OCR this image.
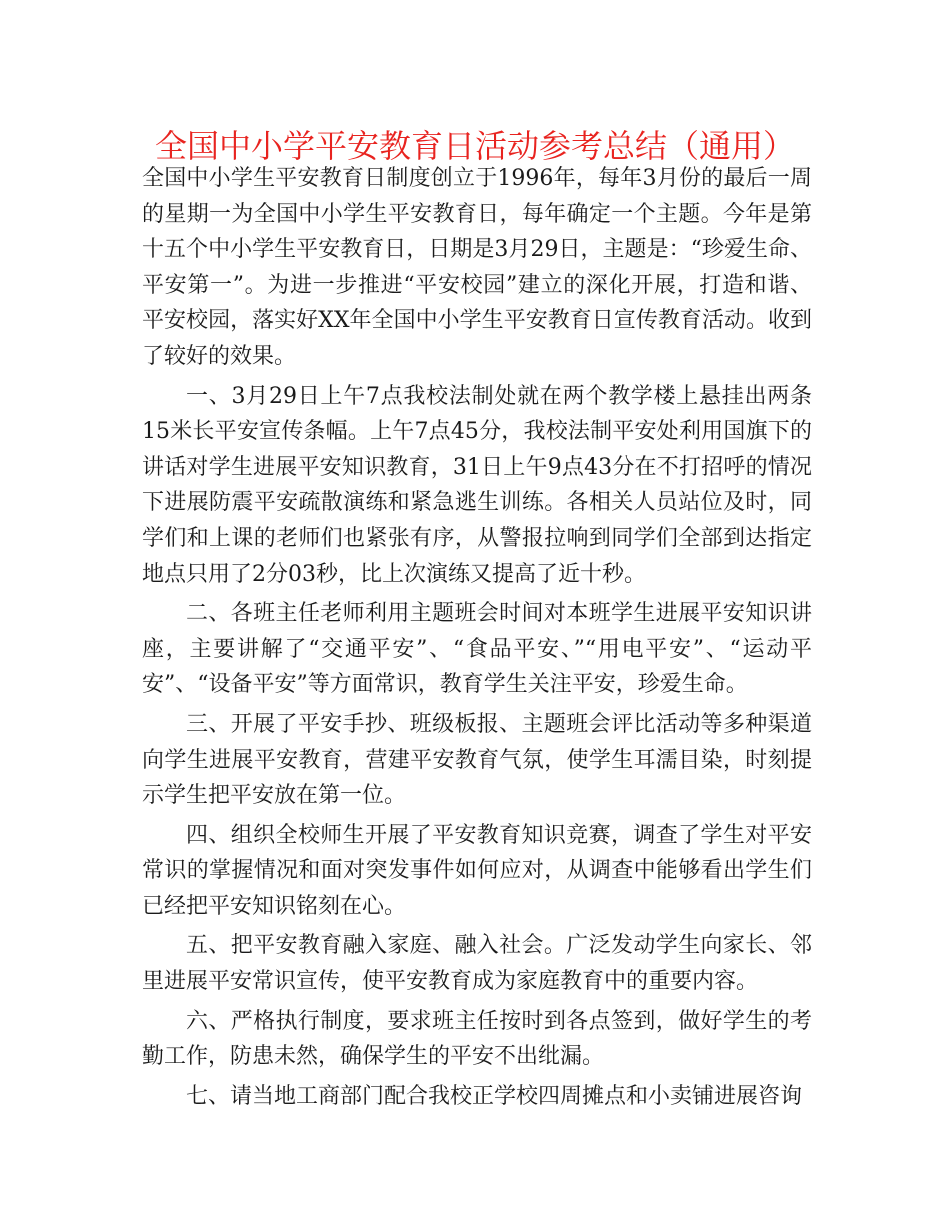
全国中小学平安教育日活动参考总结（通用）

全国中小学生平安教育日制度创立于1996年，每年3月份的最后一周的星期一为全国中小学生平安教育日，每年确定一个主题。今年是第十五个中小学生平安教育日，日期是3月29日，主题是：“珍爱生命、平安第一”。为进一步推进“平安校园”建立的深化开展，打造和谐、平安校园，落实好XX年全国中小学生平安教育日宣传教育活动。收到了较好的效果。

一、3月29日上午7点我校法制处就在两个教学楼上悬挂出两条15米长平安宣传条幅。上午7点45分，我校法制平安处利用国旗下的讲话对学生进展平安知识教育，31日上午9点43分在不打招呼的情况下进展防震平安疏散演练和紧急逃生训练。各相关人员站位及时，同学们和上课的老师们也紧张有序，从警报拉响到同学们全部到达指定地点只用了2分03秒，比上次演练又提高了近十秒。

二、各班主任老师利用主题班会时间对本班学生进展平安知识讲座，主要讲解了“交通平安”、“食品平安、”“用电平安”、“运动平安”、“设备平安”等方面常识，教育学生关注平安，珍爱生命。

三、开展了平安手抄、班级板报、主题班会评比活动等多种渠道向学生进展平安教育，营建平安教育气氛，使学生耳濡目染，时刻提示学生把平安放在第一位。

四、组织全校师生开展了平安教育知识竞赛，调查了学生对平安常识的掌握情况和面对突发事件如何应对，从调查中能够看出学生们已经把平安知识铭刻在心。

五、把平安教育融入家庭、融入社会。广泛发动学生向家长、邻里进展平安常识宣传，使平安教育成为家庭教育中的重要内容。

六、严格执行制度，要求班主任按时到各点签到，做好学生的考勤工作，防患未然，确保学生的平安不出纰漏。

七、请当地工商部门配合我校正学校四周摊点和小卖铺进展咨询
